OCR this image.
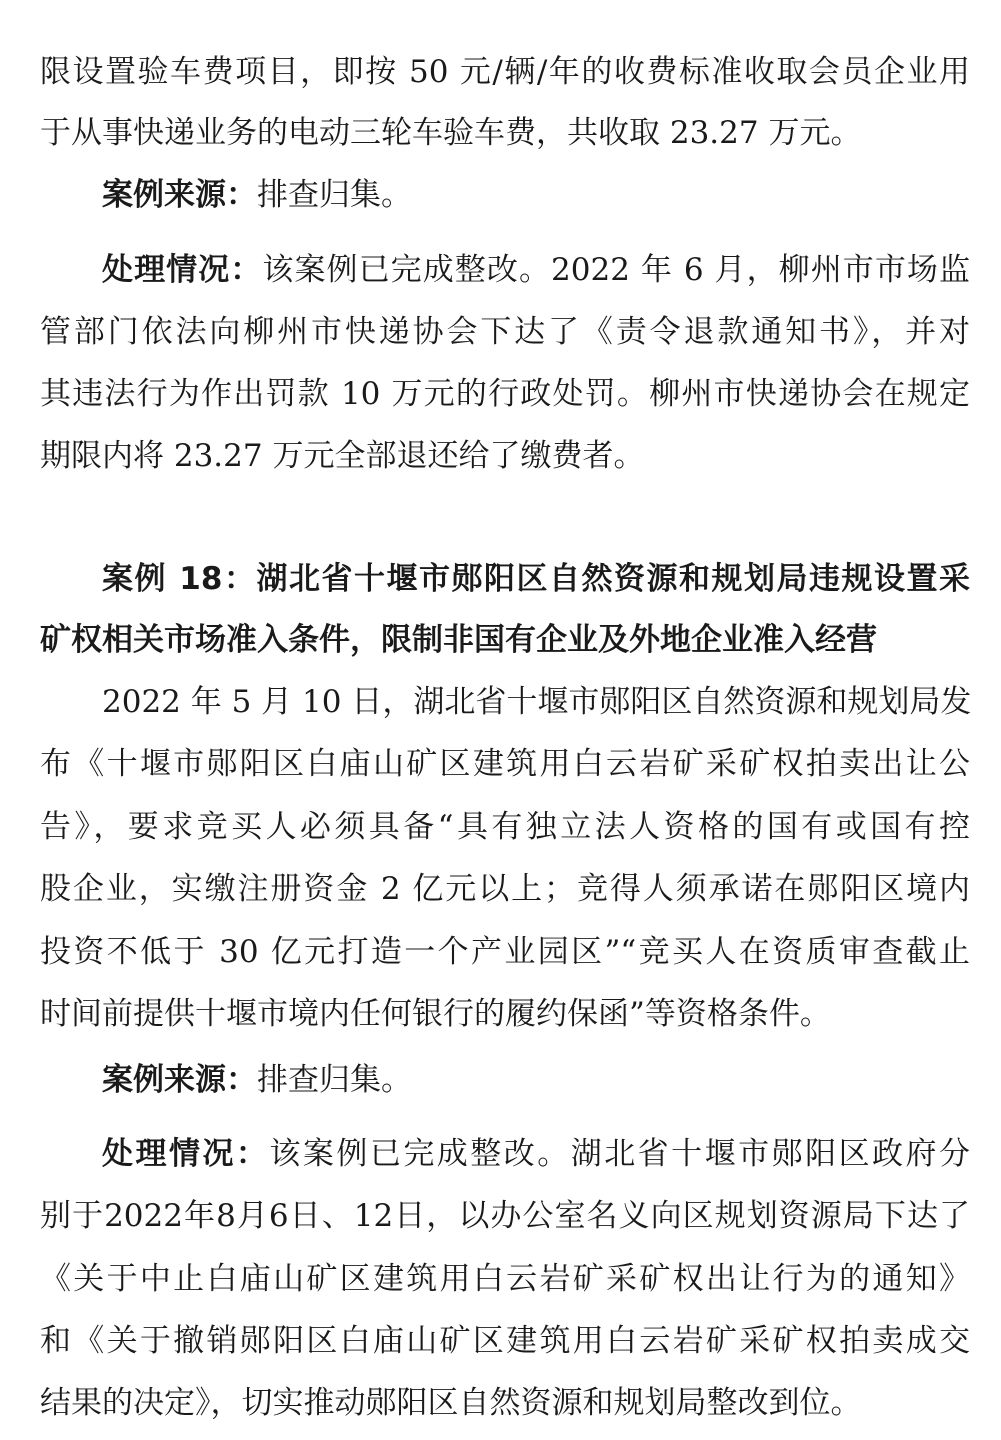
限设置验车费项目，即按 50 元/辆/年的收费标准收取会员企业用
于从事快递业务的电动三轮车验车费，共收取 23.27 万元。
案例来源：排查归集。
处理情况：该案例已完成整改。2022 年 6 月，柳州市市场监
管部门依法向柳州市快递协会下达了《责令退款通知书》，并对
其违法行为作出罚款 10 万元的行政处罚。柳州市快递协会在规定
期限内将 23.27 万元全部退还给了缴费者。
案例 18：湖北省十堰市郧阳区自然资源和规划局违规设置采
矿权相关市场准入条件，限制非国有企业及外地企业准入经营
2022 年 5 月 10 日，湖北省十堰市郧阳区自然资源和规划局发
布《十堰市郧阳区白庙山矿区建筑用白云岩矿采矿权拍卖出让公
告》，要求竞买人必须具备“具有独立法人资格的国有或国有控
股企业，实缴注册资金 2 亿元以上；竞得人须承诺在郧阳区境内
投资不低于 30 亿元打造一个产业园区”“竞买人在资质审查截止
时间前提供十堰市境内任何银行的履约保函”等资格条件。
案例来源：排查归集。
处理情况：该案例已完成整改。湖北省十堰市郧阳区政府分
别于2022年8月6日、12日，以办公室名义向区规划资源局下达了
《关于中止白庙山矿区建筑用白云岩矿采矿权出让行为的通知》
和《关于撤销郧阳区白庙山矿区建筑用白云岩矿采矿权拍卖成交
结果的决定》，切实推动郧阳区自然资源和规划局整改到位。
